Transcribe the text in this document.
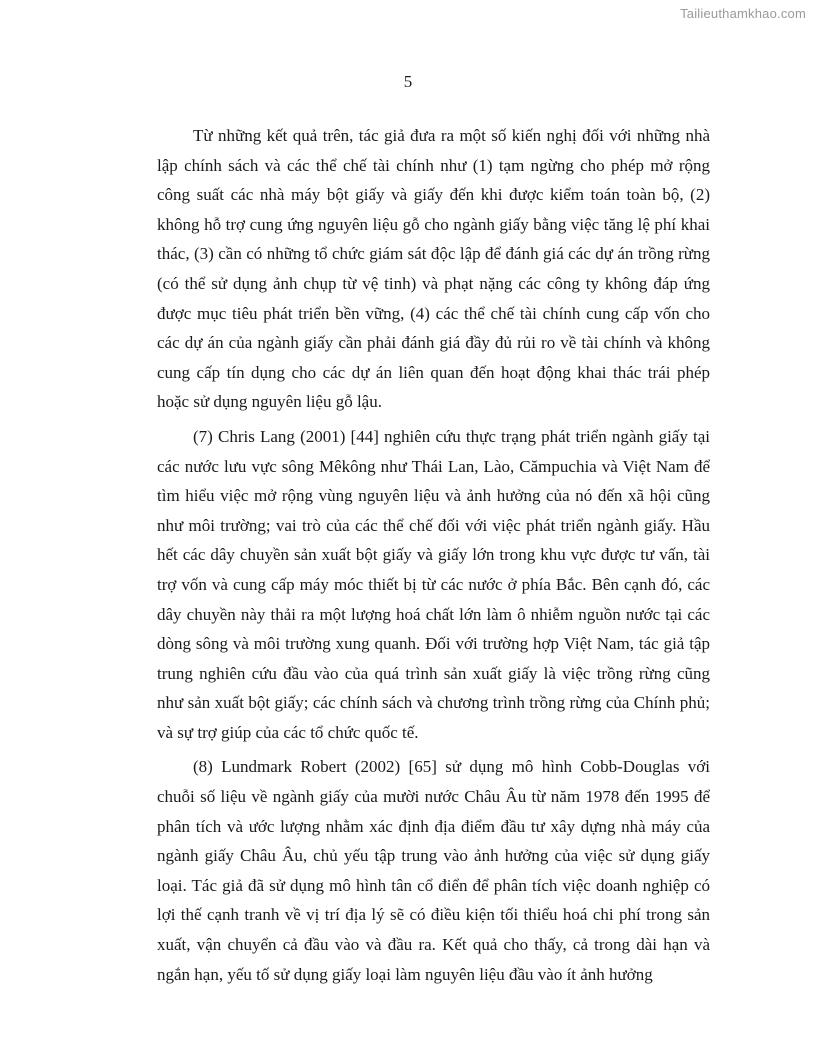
Tailieuthamkhao.com
5

Từ những kết quả trên, tác giả đưa ra một số kiến nghị đối với những nhà lập chính sách và các thể chế tài chính như (1) tạm ngừng cho phép mở rộng công suất các nhà máy bột giấy và giấy đến khi được kiểm toán toàn bộ, (2) không hỗ trợ cung ứng nguyên liệu gỗ cho ngành giấy bằng việc tăng lệ phí khai thác, (3) cần có những tổ chức giám sát độc lập để đánh giá các dự án trồng rừng (có thể sử dụng ảnh chụp từ vệ tinh) và phạt nặng các công ty không đáp ứng được mục tiêu phát triển bền vững, (4) các thể chế tài chính cung cấp vốn cho các dự án của ngành giấy cần phải đánh giá đầy đủ rủi ro về tài chính và không cung cấp tín dụng cho các dự án liên quan đến hoạt động khai thác trái phép hoặc sử dụng nguyên liệu gỗ lậu.

(7) Chris Lang (2001) [44] nghiên cứu thực trạng phát triển ngành giấy tại các nước lưu vực sông Mêkông như Thái Lan, Lào, Cămpuchia và Việt Nam để tìm hiểu việc mở rộng vùng nguyên liệu và ảnh hưởng của nó đến xã hội cũng như môi trường; vai trò của các thể chế đối với việc phát triển ngành giấy. Hầu hết các dây chuyền sản xuất bột giấy và giấy lớn trong khu vực được tư vấn, tài trợ vốn và cung cấp máy móc thiết bị từ các nước ở phía Bắc. Bên cạnh đó, các dây chuyền này thải ra một lượng hoá chất lớn làm ô nhiễm nguồn nước tại các dòng sông và môi trường xung quanh. Đối với trường hợp Việt Nam, tác giả tập trung nghiên cứu đầu vào của quá trình sản xuất giấy là việc trồng rừng cũng như sản xuất bột giấy; các chính sách và chương trình trồng rừng của Chính phủ; và sự trợ giúp của các tổ chức quốc tế.

(8) Lundmark Robert (2002) [65] sử dụng mô hình Cobb-Douglas với chuỗi số liệu về ngành giấy của mười nước Châu Âu từ năm 1978 đến 1995 để phân tích và ước lượng nhằm xác định địa điểm đầu tư xây dựng nhà máy của ngành giấy Châu Âu, chủ yếu tập trung vào ảnh hưởng của việc sử dụng giấy loại. Tác giả đã sử dụng mô hình tân cổ điển để phân tích việc doanh nghiệp có lợi thế cạnh tranh về vị trí địa lý sẽ có điều kiện tối thiểu hoá chi phí trong sản xuất, vận chuyển cả đầu vào và đầu ra. Kết quả cho thấy, cả trong dài hạn và ngắn hạn, yếu tố sử dụng giấy loại làm nguyên liệu đầu vào ít ảnh hưởng
